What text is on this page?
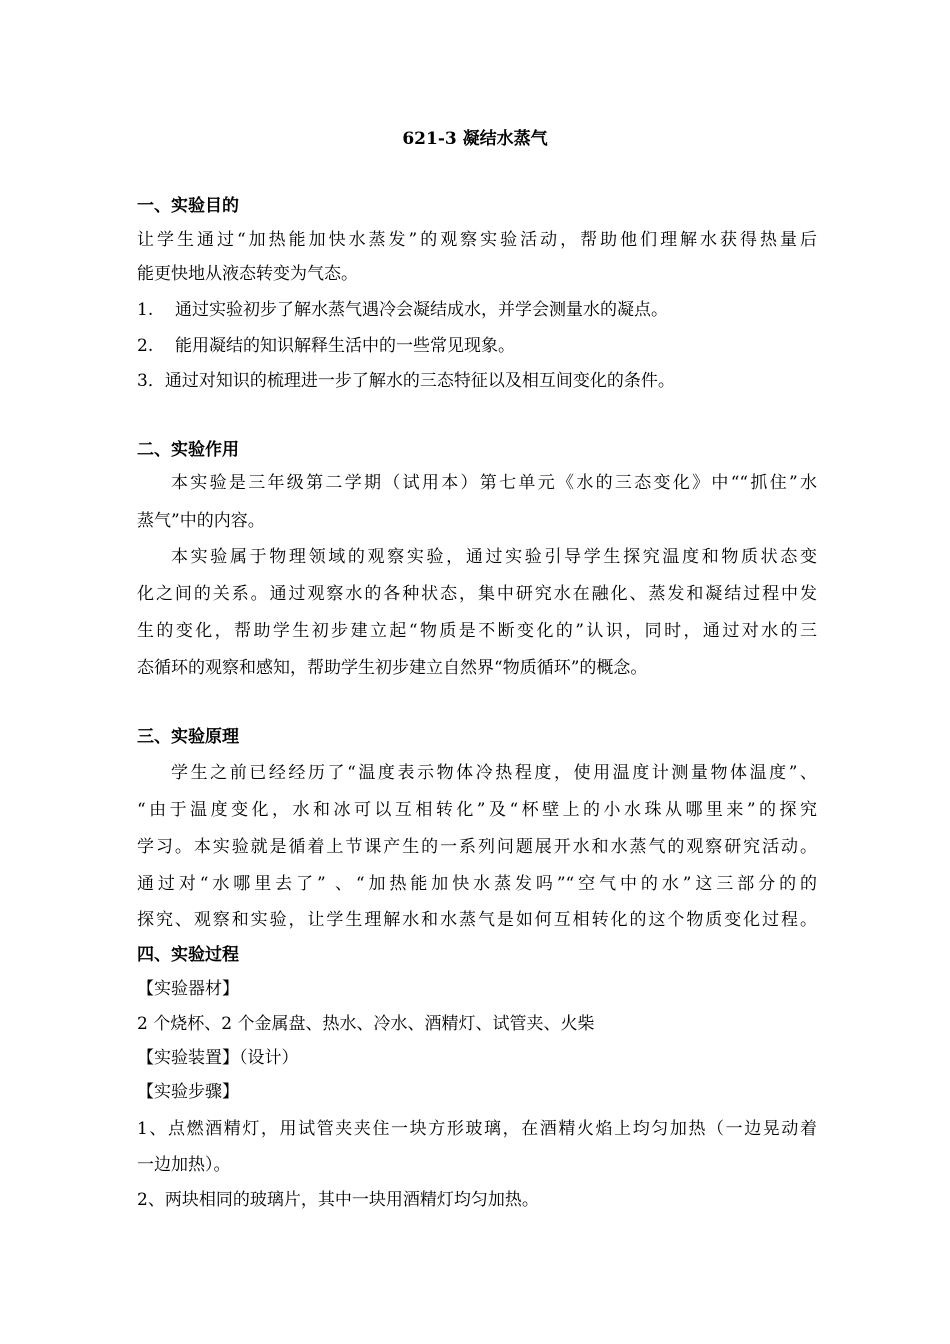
621-3 凝结水蒸气
一、实验目的
让学生通过“加热能加快水蒸发”的观察实验活动，帮助他们理解水获得热量后
能更快地从液态转变为气态。
1. 通过实验初步了解水蒸气遇冷会凝结成水，并学会测量水的凝点。
2. 能用凝结的知识解释生活中的一些常见现象。
3．通过对知识的梳理进一步了解水的三态特征以及相互间变化的条件。
二、实验作用
本实验是三年级第二学期（试用本）第七单元《水的三态变化》中““抓住”水
蒸气”中的内容。
本实验属于物理领域的观察实验，通过实验引导学生探究温度和物质状态变
化之间的关系。通过观察水的各种状态，集中研究水在融化、蒸发和凝结过程中发
生的变化，帮助学生初步建立起“物质是不断变化的”认识，同时，通过对水的三
态循环的观察和感知，帮助学生初步建立自然界“物质循环”的概念。
三、实验原理
学生之前已经经历了“温度表示物体冷热程度，使用温度计测量物体温度”、
“由于温度变化，水和冰可以互相转化”及“杯壁上的小水珠从哪里来”的探究
学习。本实验就是循着上节课产生的一系列问题展开水和水蒸气的观察研究活动。
通过对“水哪里去了” 、“加热能加快水蒸发吗”“空气中的水”这三部分的的
探究、观察和实验，让学生理解水和水蒸气是如何互相转化的这个物质变化过程。
四、实验过程
【实验器材】
2 个烧杯、2 个金属盘、热水、冷水、酒精灯、试管夹、火柴
【实验装置】（设计）
【实验步骤】
1、点燃酒精灯，用试管夹夹住一块方形玻璃，在酒精火焰上均匀加热（一边晃动着
一边加热）。
2、两块相同的玻璃片，其中一块用酒精灯均匀加热。
